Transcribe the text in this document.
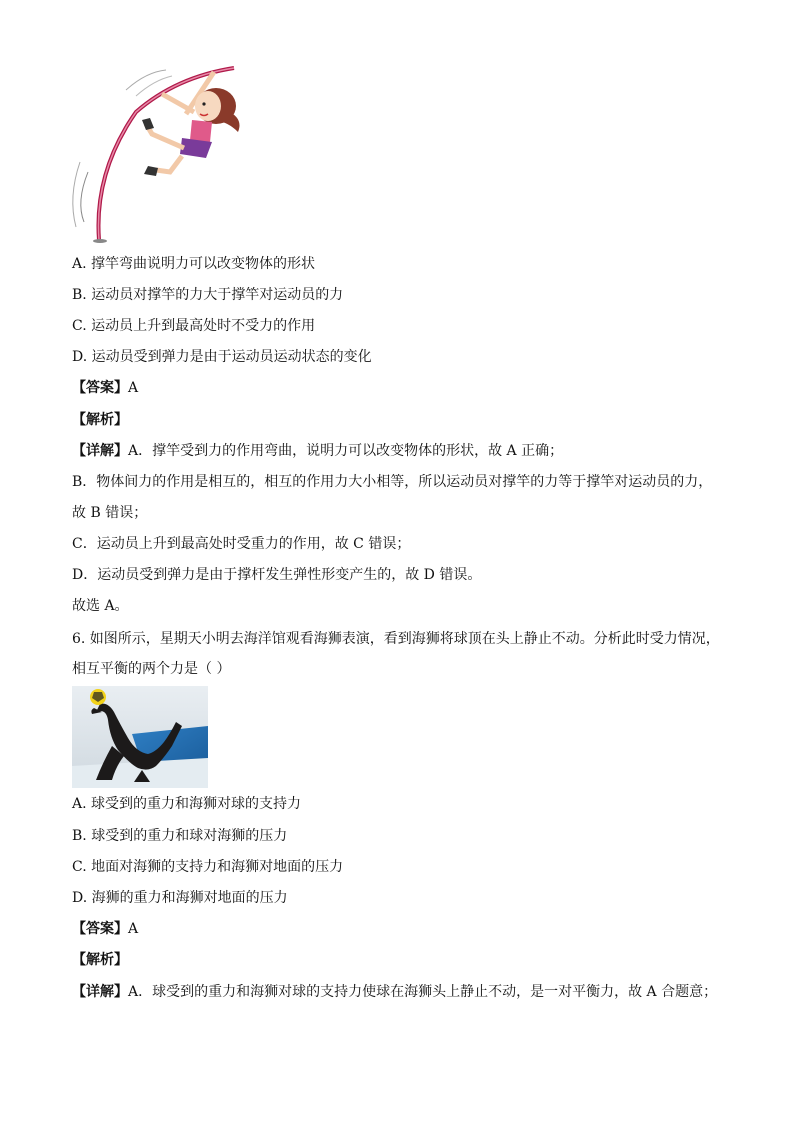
A. 撑竿弯曲说明力可以改变物体的形状
B. 运动员对撑竿的力大于撑竿对运动员的力
C. 运动员上升到最高处时不受力的作用
D. 运动员受到弹力是由于运动员运动状态的变化
【答案】A
【解析】
【详解】A．撑竿受到力的作用弯曲，说明力可以改变物体的形状，故 A 正确；
B．物体间力的作用是相互的，相互的作用力大小相等，所以运动员对撑竿的力等于撑竿对运动员的力，
故 B 错误；
C．运动员上升到最高处时受重力的作用，故 C 错误；
D．运动员受到弹力是由于撑杆发生弹性形变产生的，故 D 错误。
故选 A。
6. 如图所示，星期天小明去海洋馆观看海狮表演，看到海狮将球顶在头上静止不动。分析此时受力情况，
相互平衡的两个力是（ ）
A. 球受到的重力和海狮对球的支持力
B. 球受到的重力和球对海狮的压力
C. 地面对海狮的支持力和海狮对地面的压力
D. 海狮的重力和海狮对地面的压力
【答案】A
【解析】
【详解】A．球受到的重力和海狮对球的支持力使球在海狮头上静止不动，是一对平衡力，故 A 合题意；
